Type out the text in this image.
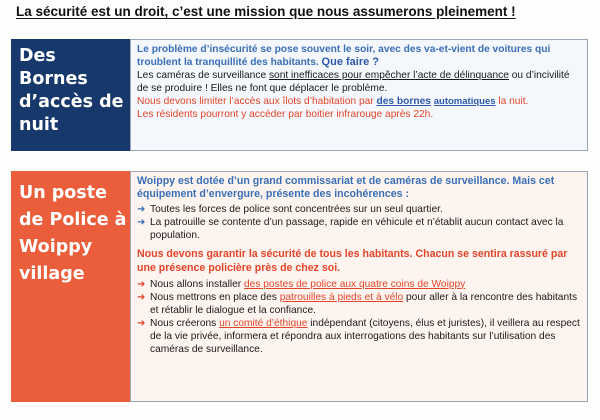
La sécurité est un droit, c’est une mission que nous assumerons pleinement !
Des Bornes d’accès de nuit

Le problème d’insécurité se pose souvent le soir, avec des va-et-vient de voitures qui troublent la tranquillité des habitants. Que faire ?

Les caméras de surveillance sont inefficaces pour empêcher l’acte de délinquance ou d’incivilité de se produire ! Elles ne font que déplacer le problème.

Nous devons limiter l’accès aux îlots d’habitation par des bornes automatiques la nuit.

Les résidents pourront y accéder par boitier infrarouge après 22h.

Un poste de Police à Woippy village

Woippy est dotée d’un grand commissariat et de caméras de surveillance. Mais cet équipement d’envergure, présente des incohérences :

➜ Toutes les forces de police sont concentrées sur un seul quartier.

➜ La patrouille se contente d’un passage, rapide en véhicule et n’établit aucun contact avec la population.

Nous devons garantir la sécurité de tous les habitants. Chacun se sentira rassuré par une présence policière près de chez soi.

➜ Nous allons installer des postes de police aux quatre coins de Woippy

➜ Nous mettrons en place des patrouilles à pieds et à vélo pour aller à la rencontre des habitants et rétablir le dialogue et la confiance.

➜ Nous créerons un comité d’éthique indépendant (citoyens, élus et juristes), il veillera au respect de la vie privée, informera et répondra aux interrogations des habitants sur l’utilisation des caméras de surveillance.
